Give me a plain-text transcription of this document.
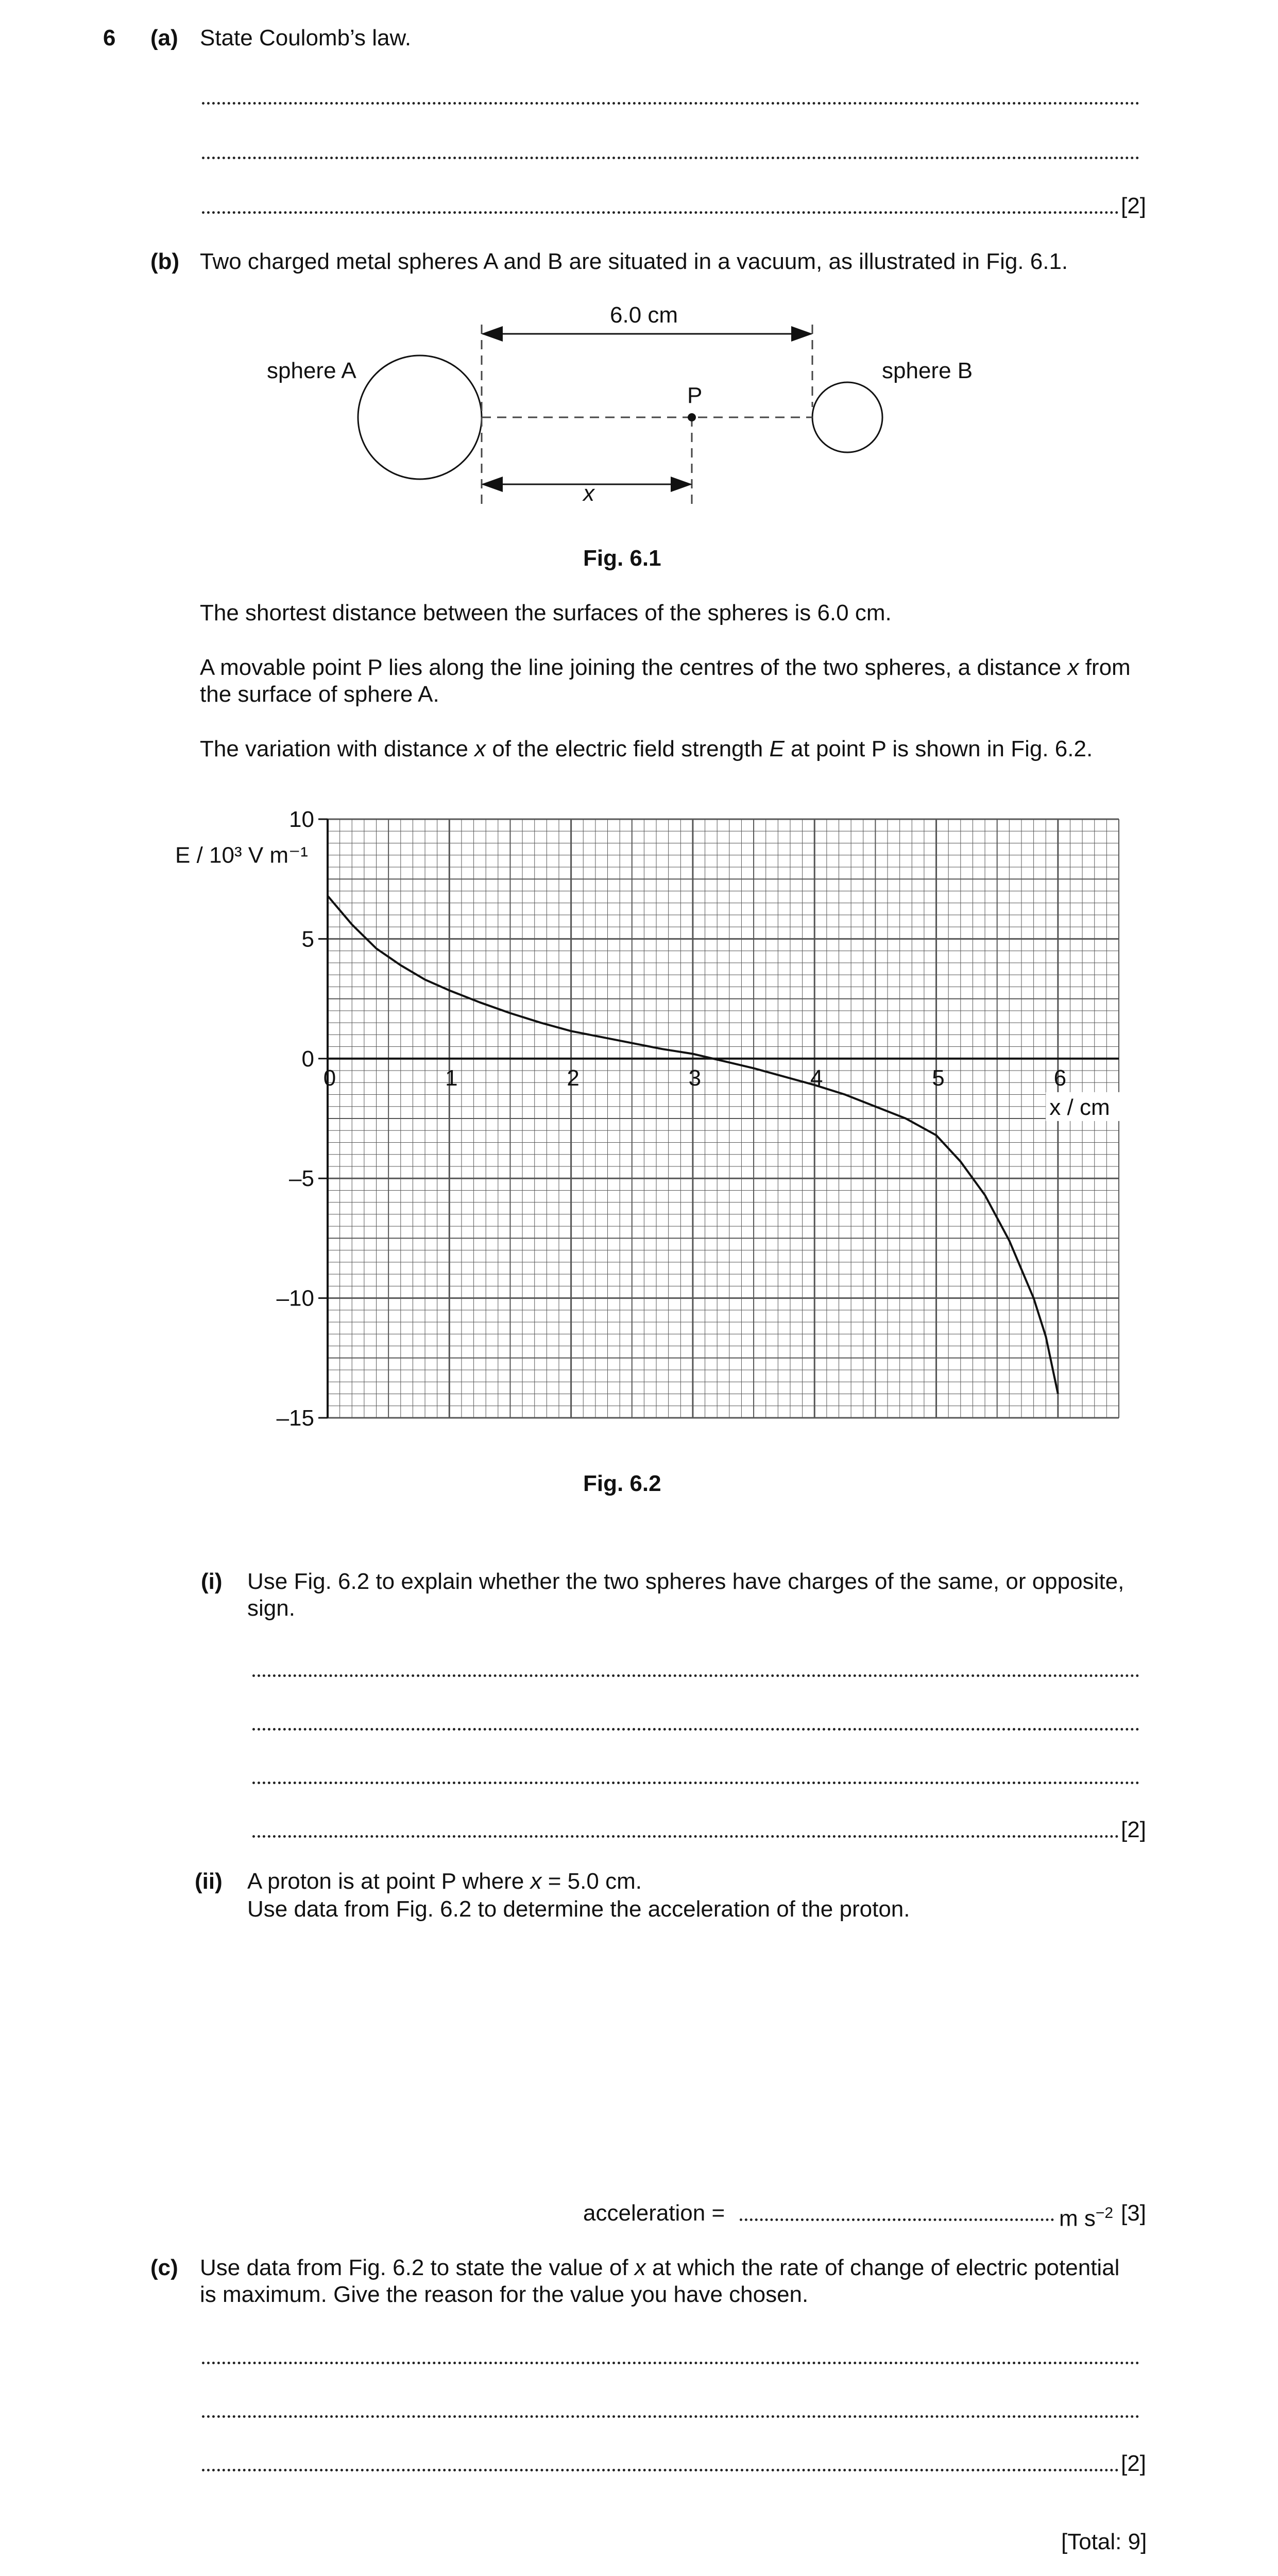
6 (a) State Coulomb’s law.
[2]
(b) Two charged metal spheres A and B are situated in a vacuum, as illustrated in Fig. 6.1.
sphere A	sphere B
P
6.0 cm
x
Fig. 6.1
The shortest distance between the surfaces of the spheres is 6.0 cm.
A movable point P lies along the line joining the centres of the two spheres, a distance x from
the surface of sphere A.
The variation with distance x of the electric field strength E at point P is shown in Fig. 6.2.
10
5
0
–5
–10
–15
0	1	2	3	4	5	6
E / 10³ V m⁻¹
x / cm
Fig. 6.2
(i) Use Fig. 6.2 to explain whether the two spheres have charges of the same, or opposite,
sign.
[2]
(ii) A proton is at point P where x = 5.0 cm.
Use data from Fig. 6.2 to determine the acceleration of the proton.
acceleration =	m $s^{-2}$ [3]
(c) Use data from Fig. 6.2 to state the value of x at which the rate of change of electric potential
is maximum. Give the reason for the value you have chosen.
[2]
[Total: 9]
